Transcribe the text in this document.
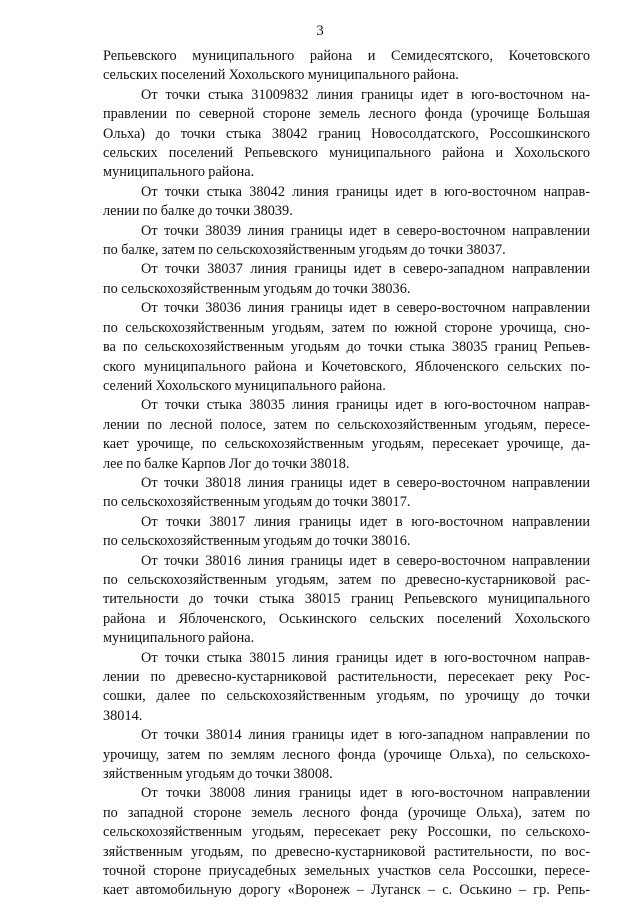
3

Репьевского муниципального района и Семидесятского, Кочетовского
сельских поселений Хохольского муниципального района.

От точки стыка 31009832 линия границы идет в юго-восточном на-
правлении по северной стороне земель лесного фонда (урочище Большая
Ольха) до точки стыка 38042 границ Новосолдатского, Россошкинского
сельских поселений Репьевского муниципального района и Хохольского
муниципального района.

От точки стыка 38042 линия границы идет в юго-восточном направ-
лении по балке до точки 38039.

От точки 38039 линия границы идет в северо-восточном направлении
по балке, затем по сельскохозяйственным угодьям до точки 38037.

От точки 38037 линия границы идет в северо-западном направлении
по сельскохозяйственным угодьям до точки 38036.

От точки 38036 линия границы идет в северо-восточном направлении
по сельскохозяйственным угодьям, затем по южной стороне урочища, сно-
ва по сельскохозяйственным угодьям до точки стыка 38035 границ Репьев-
ского муниципального района и Кочетовского, Яблоченского сельских по-
селений Хохольского муниципального района.

От точки стыка 38035 линия границы идет в юго-восточном направ-
лении по лесной полосе, затем по сельскохозяйственным угодьям, пересе-
кает урочище, по сельскохозяйственным угодьям, пересекает урочище, да-
лее по балке Карпов Лог до точки 38018.

От точки 38018 линия границы идет в северо-восточном направлении
по сельскохозяйственным угодьям до точки 38017.

От точки 38017 линия границы идет в юго-восточном направлении
по сельскохозяйственным угодьям до точки 38016.

От точки 38016 линия границы идет в северо-восточном направлении
по сельскохозяйственным угодьям, затем по древесно-кустарниковой рас-
тительности до точки стыка 38015 границ Репьевского муниципального
района и Яблоченского, Оськинского сельских поселений Хохольского
муниципального района.

От точки стыка 38015 линия границы идет в юго-восточном направ-
лении по древесно-кустарниковой растительности, пересекает реку Рос-
сошки, далее по сельскохозяйственным угодьям, по урочищу до точки
38014.

От точки 38014 линия границы идет в юго-западном направлении по
урочищу, затем по землям лесного фонда (урочище Ольха), по сельскохо-
зяйственным угодьям до точки 38008.

От точки 38008 линия границы идет в юго-восточном направлении
по западной стороне земель лесного фонда (урочище Ольха), затем по
сельскохозяйственным угодьям, пересекает реку Россошки, по сельскохо-
зяйственным угодьям, по древесно-кустарниковой растительности, по вос-
точной стороне приусадебных земельных участков села Россошки, пересе-
кает автомобильную дорогу «Воронеж – Луганск – с. Оськино – гр. Репь-
